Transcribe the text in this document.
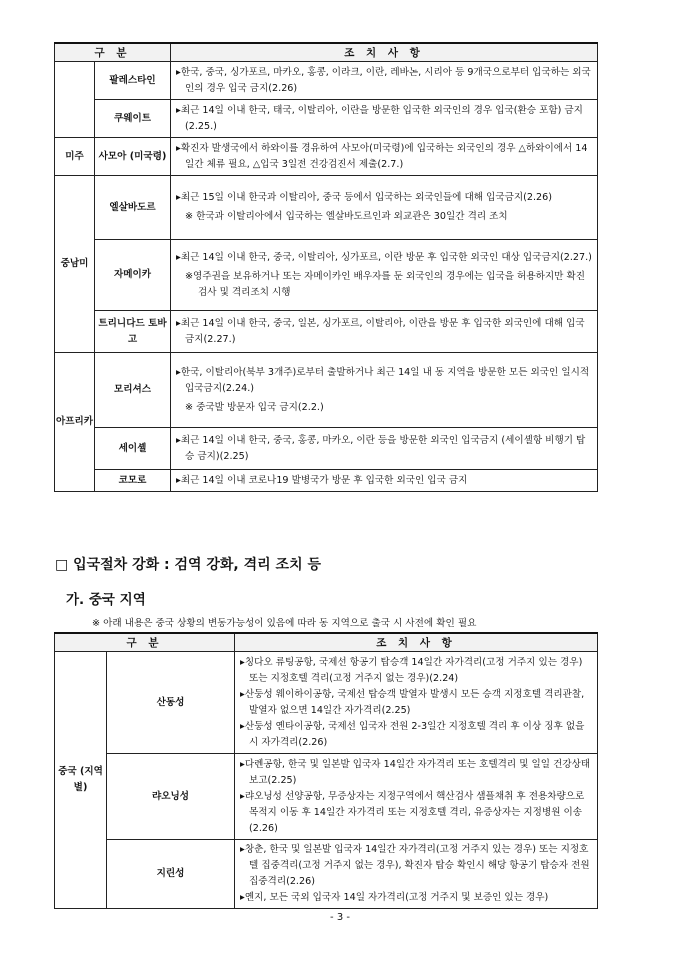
구 분		조 치 사 항
	팔레스타인	▸한국, 중국, 싱가포르, 마카오, 홍콩, 이라크, 이란, 레바논, 시리아 등 9개국으로부터 입국하는 외국인의 경우 입국 금지(2.26)

	쿠웨이트	▸최근 14일 이내 한국, 태국, 이탈리아, 이란을 방문한 입국한 외국인의 경우 입국(환승 포함) 금지(2.25.)

미주	사모아 (미국령)	▸확진자 발생국에서 하와이를 경유하여 사모아(미국령)에 입국하는 외국인의 경우 △하와이에서 14일간 체류 필요, △입국 3일전 건강검진서 제출(2.7.)

중남미	엘살바도르	▸최근 15일 이내 한국과 이탈리아, 중국 등에서 입국하는 외국인들에 대해 입국금지(2.26)
※ 한국과 이탈리아에서 입국하는 엘살바도르인과 외교관은 30일간 격리 조치

	자메이카	▸최근 14일 이내 한국, 중국, 이탈리아, 싱가포르, 이란 방문 후 입국한 외국인 대상 입국금지(2.27.)
※영주권을 보유하거나 또는 자메이카인 배우자를 둔 외국인의 경우에는 입국을 허용하지만 확진검사 및 격리조치 시행

	트리니다드 토바고	▸최근 14일 이내 한국, 중국, 일본, 싱가포르, 이탈리아, 이란을 방문 후 입국한 외국인에 대해 입국금지(2.27.)

아프리카	모리셔스	▸한국, 이탈리아(북부 3개주)로부터 출발하거나 최근 14일 내 동 지역을 방문한 모든 외국인 일시적 입국금지(2.24.)
※ 중국발 방문자 입국 금지(2.2.)

	세이셸	▸최근 14일 이내 한국, 중국, 홍콩, 마카오, 이란 등을 방문한 외국인 입국금지 (세이셸항 비행기 탑승 금지)(2.25)

	코모로	▸최근 14일 이내 코로나19 발병국가 방문 후 입국한 외국인 입국 금지
□ 입국절차 강화 : 검역 강화, 격리 조치 등
가. 중국 지역
※ 아래 내용은 중국 상황의 변동가능성이 있음에 따라 동 지역으로 출국 시 사전에 확인 필요
구 분		조 치 사 항
중국 (지역별)	산동성	▸칭다오 류팅공항, 국제선 항공기 탑승객 14일간 자가격리(고정 거주지 있는 경우) 또는 지정호텔 격리(고정 거주지 없는 경우)(2.24)
▸산둥성 웨이하이공항, 국제선 탑승객 발열자 발생시 모든 승객 지정호텔 격리관찰, 발열자 없으면 14일간 자가격리(2.25)
▸산둥성 옌타이공항, 국제선 입국자 전원 2-3일간 지정호텔 격리 후 이상 징후 없을 시 자가격리(2.26)

	랴오닝성	▸다롄공항, 한국 및 일본발 입국자 14일간 자가격리 또는 호텔격리 및 일일 건강상태 보고(2.25)
▸랴오닝성 선양공항, 무증상자는 지정구역에서 핵산검사 샘플채취 후 전용차량으로 목적지 이동 후 14일간 자가격리 또는 지정호텔 격리, 유증상자는 지정병원 이송(2.26)

	지린성	▸창춘, 한국 및 일본발 입국자 14일간 자가격리(고정 거주지 있는 경우) 또는 지정호텔 집중격리(고정 거주지 없는 경우), 확진자 탑승 확인시 해당 항공기 탑승자 전원 집중격리(2.26)
▸옌지, 모든 국외 입국자 14일 자가격리(고정 거주지 및 보증인 있는 경우)
- 3 -
